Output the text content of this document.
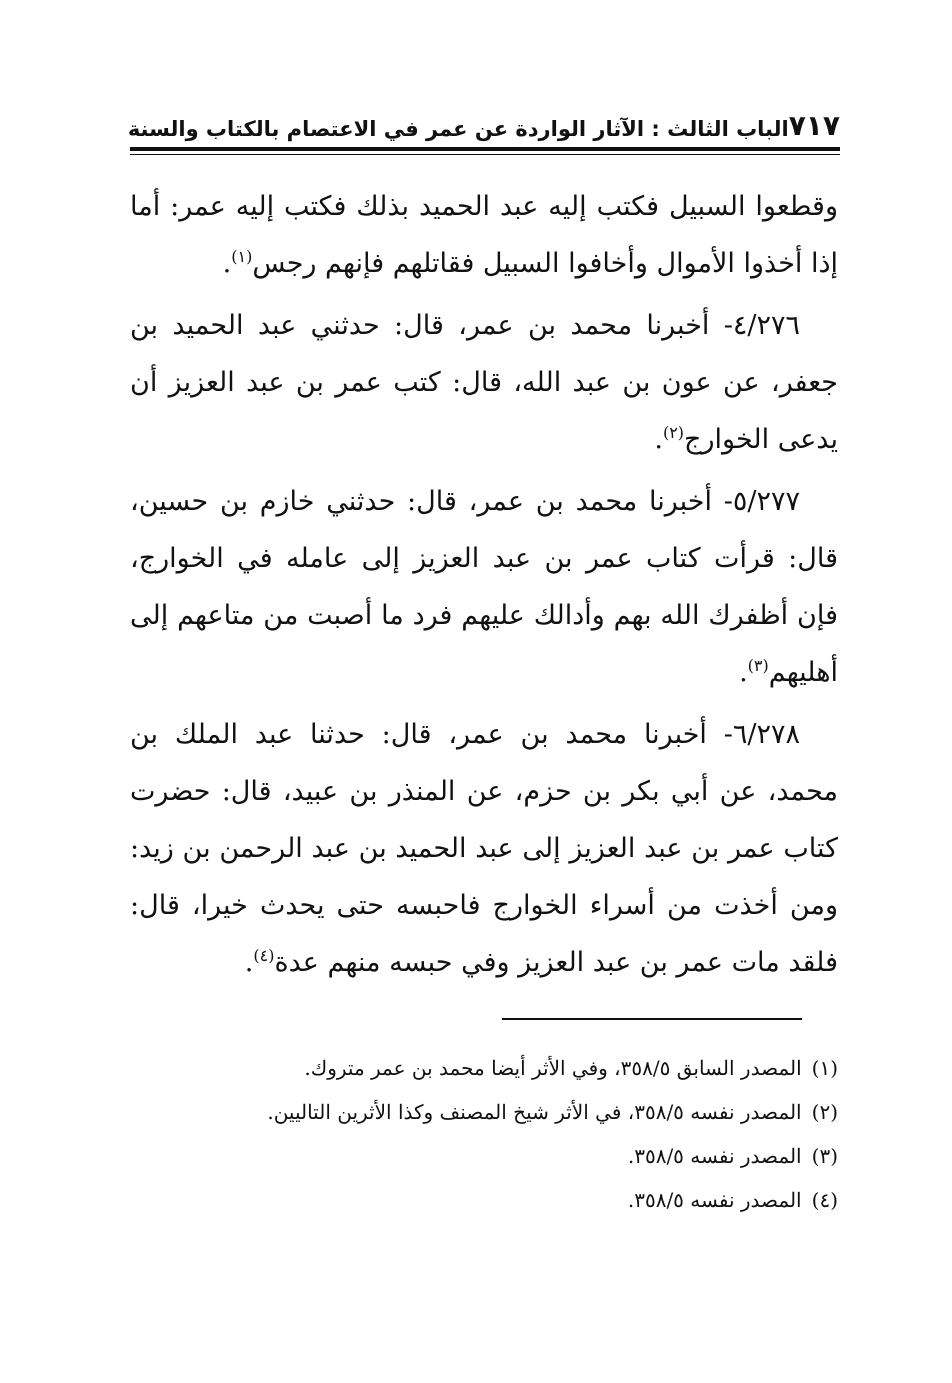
٧١٧
الباب الثالث : الآثار الواردة عن عمر في الاعتصام بالكتاب والسنة

وقطعوا السبيل فكتب إليه عبد الحميد بذلك فكتب إليه عمر: أما إذا أخذوا الأموال وأخافوا السبيل فقاتلهم فإنهم رجس$^{(١)}$.

٤/٢٧٦- أخبرنا محمد بن عمر، قال: حدثني عبد الحميد بن جعفر، عن عون بن عبد الله، قال: كتب عمر بن عبد العزيز أن يدعى الخوارج$^{(٢)}$.

٥/٢٧٧- أخبرنا محمد بن عمر، قال: حدثني خازم بن حسين، قال: قرأت كتاب عمر بن عبد العزيز إلى عامله في الخوارج، فإن أظفرك الله بهم وأدالك عليهم فرد ما أصبت من متاعهم إلى أهليهم$^{(٣)}$.

٦/٢٧٨- أخبرنا محمد بن عمر، قال: حدثنا عبد الملك بن محمد، عن أبي بكر بن حزم، عن المنذر بن عبيد، قال: حضرت كتاب عمر بن عبد العزيز إلى عبد الحميد بن عبد الرحمن بن زيد: ومن أخذت من أسراء الخوارج فاحبسه حتى يحدث خيرا، قال: فلقد مات عمر بن عبد العزيز وفي حبسه منهم عدة$^{(٤)}$.

(١)المصدر السابق ٣٥٨/٥، وفي الأثر أيضا محمد بن عمر متروك.
(٢)المصدر نفسه ٣٥٨/٥، في الأثر شيخ المصنف وكذا الأثرين التاليين.
(٣)المصدر نفسه ٣٥٨/٥.
(٤)المصدر نفسه ٣٥٨/٥.
